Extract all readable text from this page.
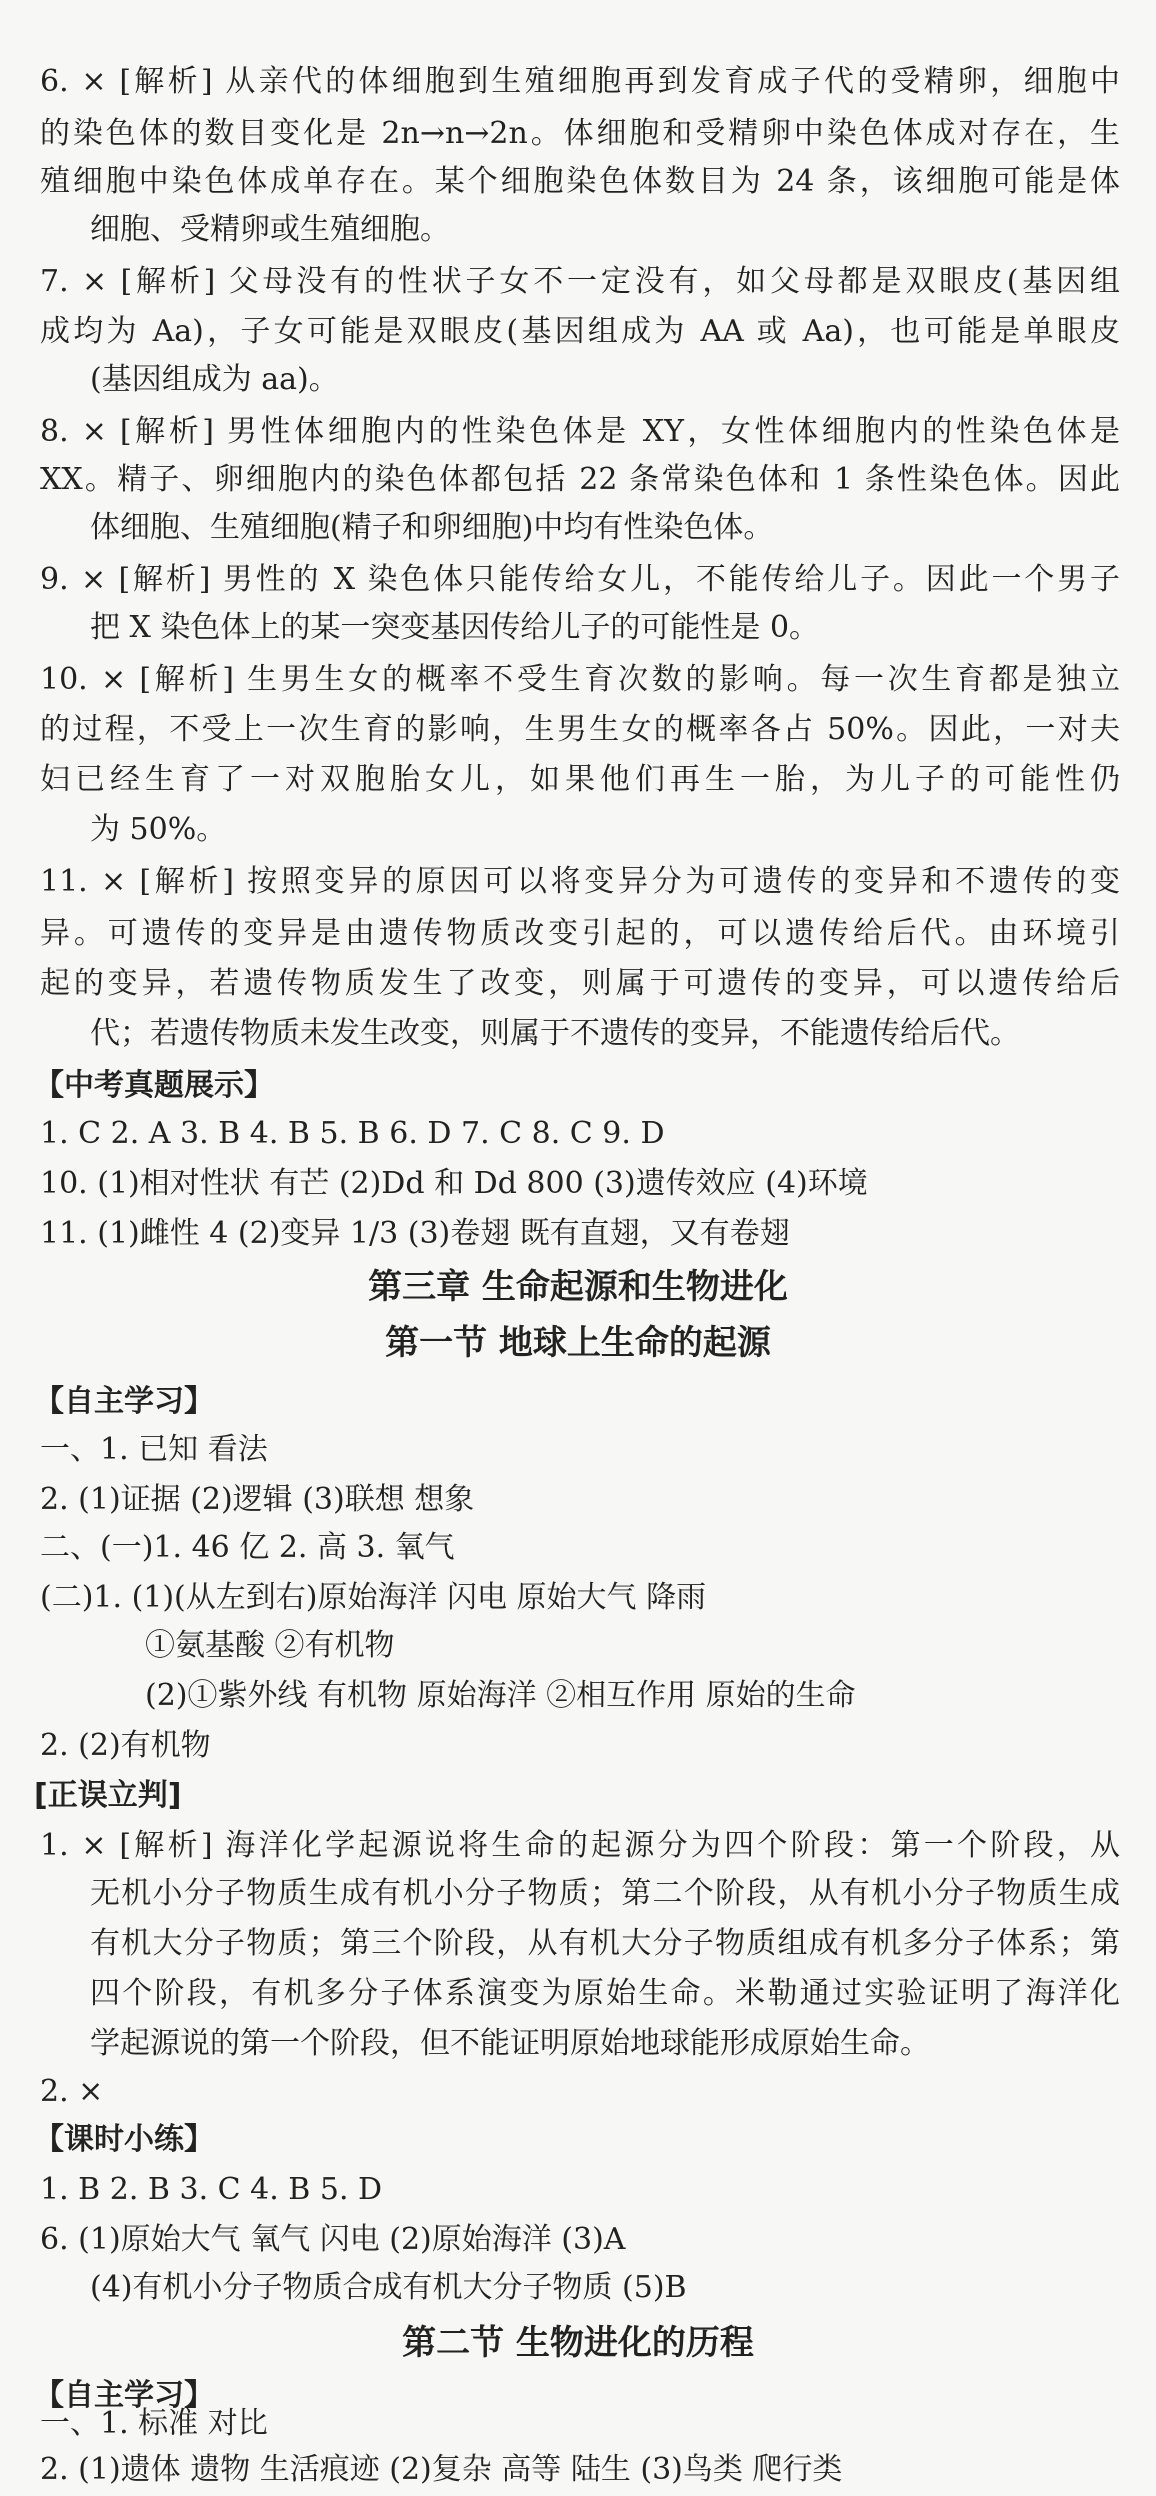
6. × [解析] 从亲代的体细胞到生殖细胞再到发育成子代的受精卵，细胞中
的染色体的数目变化是 2n→n→2n。体细胞和受精卵中染色体成对存在，生
殖细胞中染色体成单存在。某个细胞染色体数目为 24 条，该细胞可能是体
细胞、受精卵或生殖细胞。
7. × [解析] 父母没有的性状子女不一定没有，如父母都是双眼皮(基因组
成均为 Aa)，子女可能是双眼皮(基因组成为 AA 或 Aa)，也可能是单眼皮
(基因组成为 aa)。
8. × [解析] 男性体细胞内的性染色体是 XY，女性体细胞内的性染色体是
XX。精子、卵细胞内的染色体都包括 22 条常染色体和 1 条性染色体。因此
体细胞、生殖细胞(精子和卵细胞)中均有性染色体。
9. × [解析] 男性的 X 染色体只能传给女儿，不能传给儿子。因此一个男子
把 X 染色体上的某一突变基因传给儿子的可能性是 0。
10. × [解析] 生男生女的概率不受生育次数的影响。每一次生育都是独立
的过程，不受上一次生育的影响，生男生女的概率各占 50%。因此，一对夫
妇已经生育了一对双胞胎女儿，如果他们再生一胎，为儿子的可能性仍
为 50%。
11. × [解析] 按照变异的原因可以将变异分为可遗传的变异和不遗传的变
异。可遗传的变异是由遗传物质改变引起的，可以遗传给后代。由环境引
起的变异，若遗传物质发生了改变，则属于可遗传的变异，可以遗传给后
代；若遗传物质未发生改变，则属于不遗传的变异，不能遗传给后代。
【中考真题展示】
1. C 2. A 3. B 4. B 5. B 6. D 7. C 8. C 9. D
10. (1)相对性状 有芒 (2)Dd 和 Dd 800 (3)遗传效应 (4)环境
11. (1)雌性 4 (2)变异 1/3 (3)卷翅 既有直翅，又有卷翅
第三章 生命起源和生物进化
第一节 地球上生命的起源
【自主学习】
一、1. 已知 看法
2. (1)证据 (2)逻辑 (3)联想 想象
二、(一)1. 46 亿 2. 高 3. 氧气
(二)1. (1)(从左到右)原始海洋 闪电 原始大气 降雨
①氨基酸 ②有机物
(2)①紫外线 有机物 原始海洋 ②相互作用 原始的生命
2. (2)有机物
[正误立判]
1. × [解析] 海洋化学起源说将生命的起源分为四个阶段：第一个阶段，从
无机小分子物质生成有机小分子物质；第二个阶段，从有机小分子物质生成
有机大分子物质；第三个阶段，从有机大分子物质组成有机多分子体系；第
四个阶段，有机多分子体系演变为原始生命。米勒通过实验证明了海洋化
学起源说的第一个阶段，但不能证明原始地球能形成原始生命。
2. ×
【课时小练】
1. B 2. B 3. C 4. B 5. D
6. (1)原始大气 氧气 闪电 (2)原始海洋 (3)A
(4)有机小分子物质合成有机大分子物质 (5)B
第二节 生物进化的历程
【自主学习】
一、1. 标准 对比
2. (1)遗体 遗物 生活痕迹 (2)复杂 高等 陆生 (3)鸟类 爬行类
